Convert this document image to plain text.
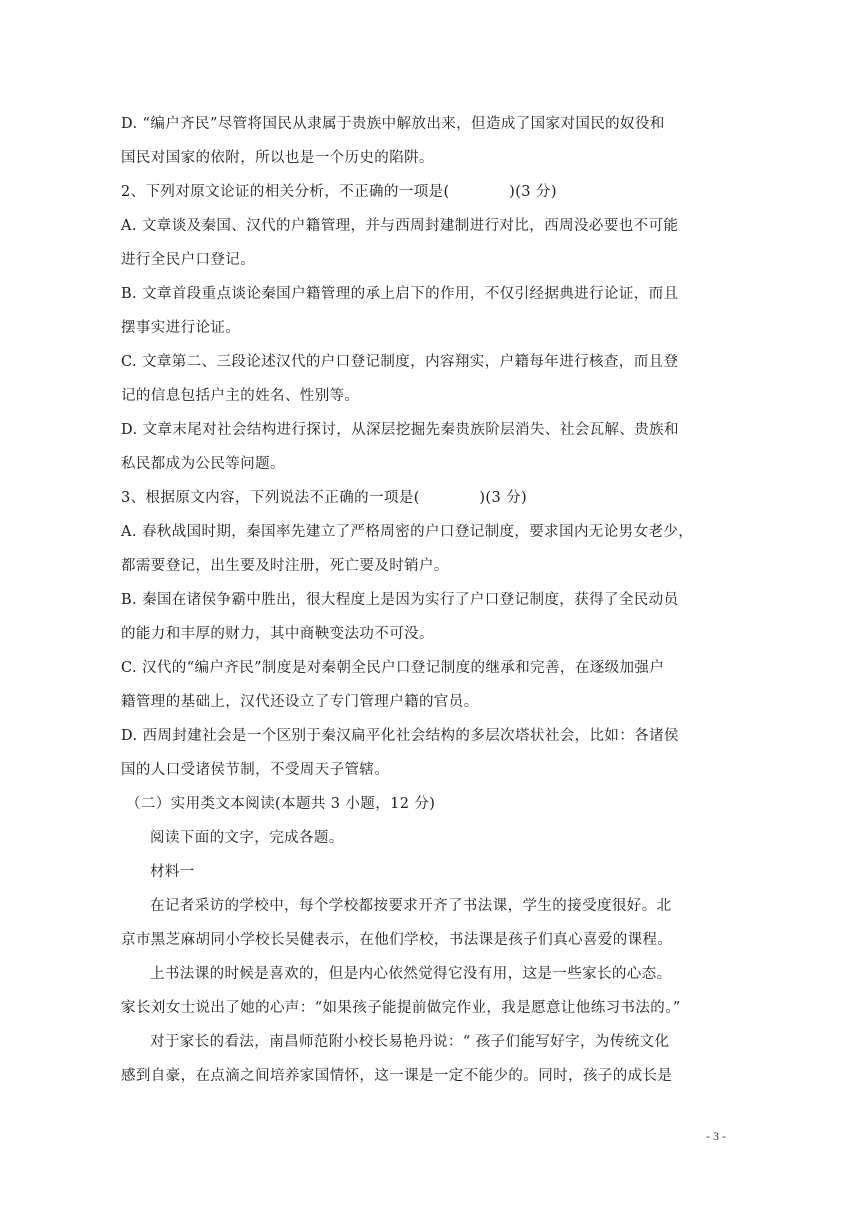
D. “编户齐民”尽管将国民从隶属于贵族中解放出来，但造成了国家对国民的奴役和
国民对国家的依附，所以也是一个历史的陷阱。
2、下列对原文论证的相关分析，不正确的一项是(　　　　)(3 分)
A. 文章谈及秦国、汉代的户籍管理，并与西周封建制进行对比，西周没必要也不可能
进行全民户口登记。
B. 文章首段重点谈论秦国户籍管理的承上启下的作用，不仅引经据典进行论证，而且
摆事实进行论证。
C. 文章第二、三段论述汉代的户口登记制度，内容翔实，户籍每年进行核查，而且登
记的信息包括户主的姓名、性别等。
D. 文章末尾对社会结构进行探讨，从深层挖掘先秦贵族阶层消失、社会瓦解、贵族和
私民都成为公民等问题。
3、根据原文内容，下列说法不正确的一项是(　　　　)(3 分)
A. 春秋战国时期，秦国率先建立了严格周密的户口登记制度，要求国内无论男女老少，
都需要登记，出生要及时注册，死亡要及时销户。
B. 秦国在诸侯争霸中胜出，很大程度上是因为实行了户口登记制度，获得了全民动员
的能力和丰厚的财力，其中商鞅变法功不可没。
C. 汉代的“编户齐民”制度是对秦朝全民户口登记制度的继承和完善，在逐级加强户
籍管理的基础上，汉代还设立了专门管理户籍的官员。
D. 西周封建社会是一个区别于秦汉扁平化社会结构的多层次塔状社会，比如：各诸侯
国的人口受诸侯节制，不受周天子管辖。
（二）实用类文本阅读(本题共 3 小题，12 分)
阅读下面的文字，完成各题。
材料一
在记者采访的学校中，每个学校都按要求开齐了书法课，学生的接受度很好。北
京市黑芝麻胡同小学校长吴健表示，在他们学校，书法课是孩子们真心喜爱的课程。
上书法课的时候是喜欢的，但是内心依然觉得它没有用，这是一些家长的心态。
家长刘女士说出了她的心声：“如果孩子能提前做完作业，我是愿意让他练习书法的。”
对于家长的看法，南昌师范附小校长易艳丹说：“ 孩子们能写好字，为传统文化
感到自豪，在点滴之间培养家国情怀，这一课是一定不能少的。同时，孩子的成长是
- 3 -
